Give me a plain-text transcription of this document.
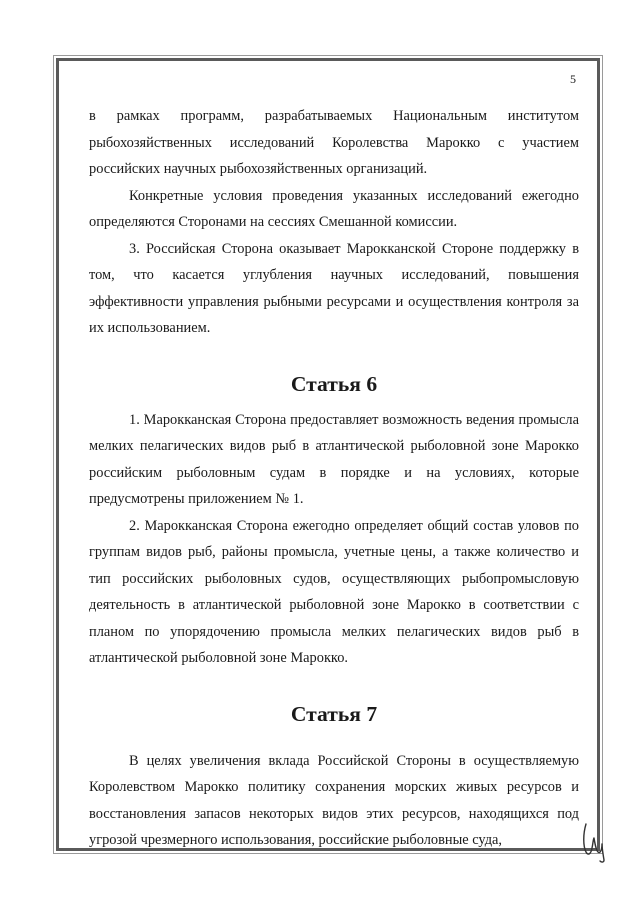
5

в рамках программ, разрабатываемых Национальным институтом рыбохозяйственных исследований Королевства Марокко с участием российских научных рыбохозяйственных организаций.

Конкретные условия проведения указанных исследований ежегодно определяются Сторонами на сессиях Смешанной комиссии.

3. Российская Сторона оказывает Марокканской Стороне поддержку в том, что касается углубления научных исследований, повышения эффективности управления рыбными ресурсами и осуществления контроля за их использованием.

Статья 6

1. Марокканская Сторона предоставляет возможность ведения промысла мелких пелагических видов рыб в атлантической рыболовной зоне Марокко российским рыболовным судам в порядке и на условиях, которые предусмотрены приложением № 1.

2. Марокканская Сторона ежегодно определяет общий состав уловов по группам видов рыб, районы промысла, учетные цены, а также количество и тип российских рыболовных судов, осуществляющих рыбопромысловую деятельность в атлантической рыболовной зоне Марокко в соответствии с планом по упорядочению промысла мелких пелагических видов рыб в атлантической рыболовной зоне Марокко.

Статья 7

В целях увеличения вклада Российской Стороны в осуществляемую Королевством Марокко политику сохранения морских живых ресурсов и восстановления запасов некоторых видов этих ресурсов, находящихся под угрозой чрезмерного использования, российские рыболовные суда,
